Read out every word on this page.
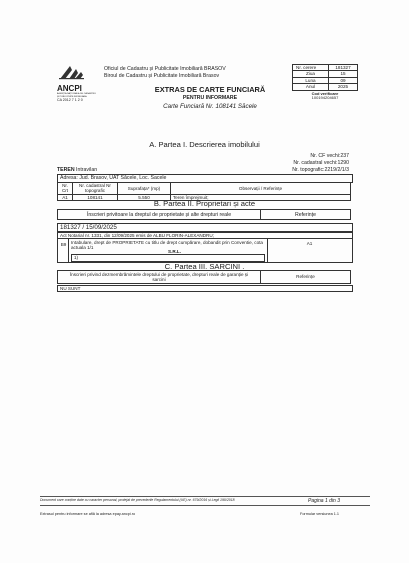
ANCPI
AGENȚIA NAȚIONALĂ DE CADASTRU ȘI PUBLICITATE IMOBILIARĂ
CA 2012 7 1 2 0
Oficiul de Cadastru și Publicitate Imobiliară BRASOV
Biroul de Cadastru și Publicitate Imobiliară Brasov
Nr. cerere	181327
Ziua	15
Luna	09
Anul	2025
Cod verificare
100194204657
EXTRAS DE CARTE FUNCIARĂ
PENTRU INFORMARE
Carte Funciară Nr. 108141 Săcele
A. Partea I. Descrierea imobilului
Nr. CF vechi:237
Nr. cadastral vechi:1290
Nr. topografic:2219/2/1/3
TEREN Intravilan
Adresa: Jud. Brasov, UAT Săcele, Loc. Sacele
Nr. Crt	Nr. cadastral Nr topografic	Suprafața* (mp)	Observații / Referințe
A1	108141	5.550	Teren împrejmuit;
B. Partea II. Proprietari și acte
Înscrieri privitoare la dreptul de proprietate și alte drepturi reale	Referințe
181327 / 15/09/2025
Act Notarial nr. 1331, din 12/09/2025 emis de ALBU FLORIN-ALEXANDRU;
B9	Intabulare, drept de PROPRIETATE cu titlu de drept cumpărare, dobandit prin Conventie, cota actuala 1/1
1)
S.R.L.
A1
C. Partea III. SARCINI .
Înscrieri privind dezmembrămintele dreptului de proprietate, drepturi reale de garanție și sarcini	Referințe
NU SUNT
Document care conține date cu caracter personal, protejat de prevederile Regulamentului (UE) nr. 679/2016 și Legii 190/2018	Pagina 1 din 3
Extrasul pentru informare se află la adresa epay.ancpi.ro	Formular versiunea 1.1
